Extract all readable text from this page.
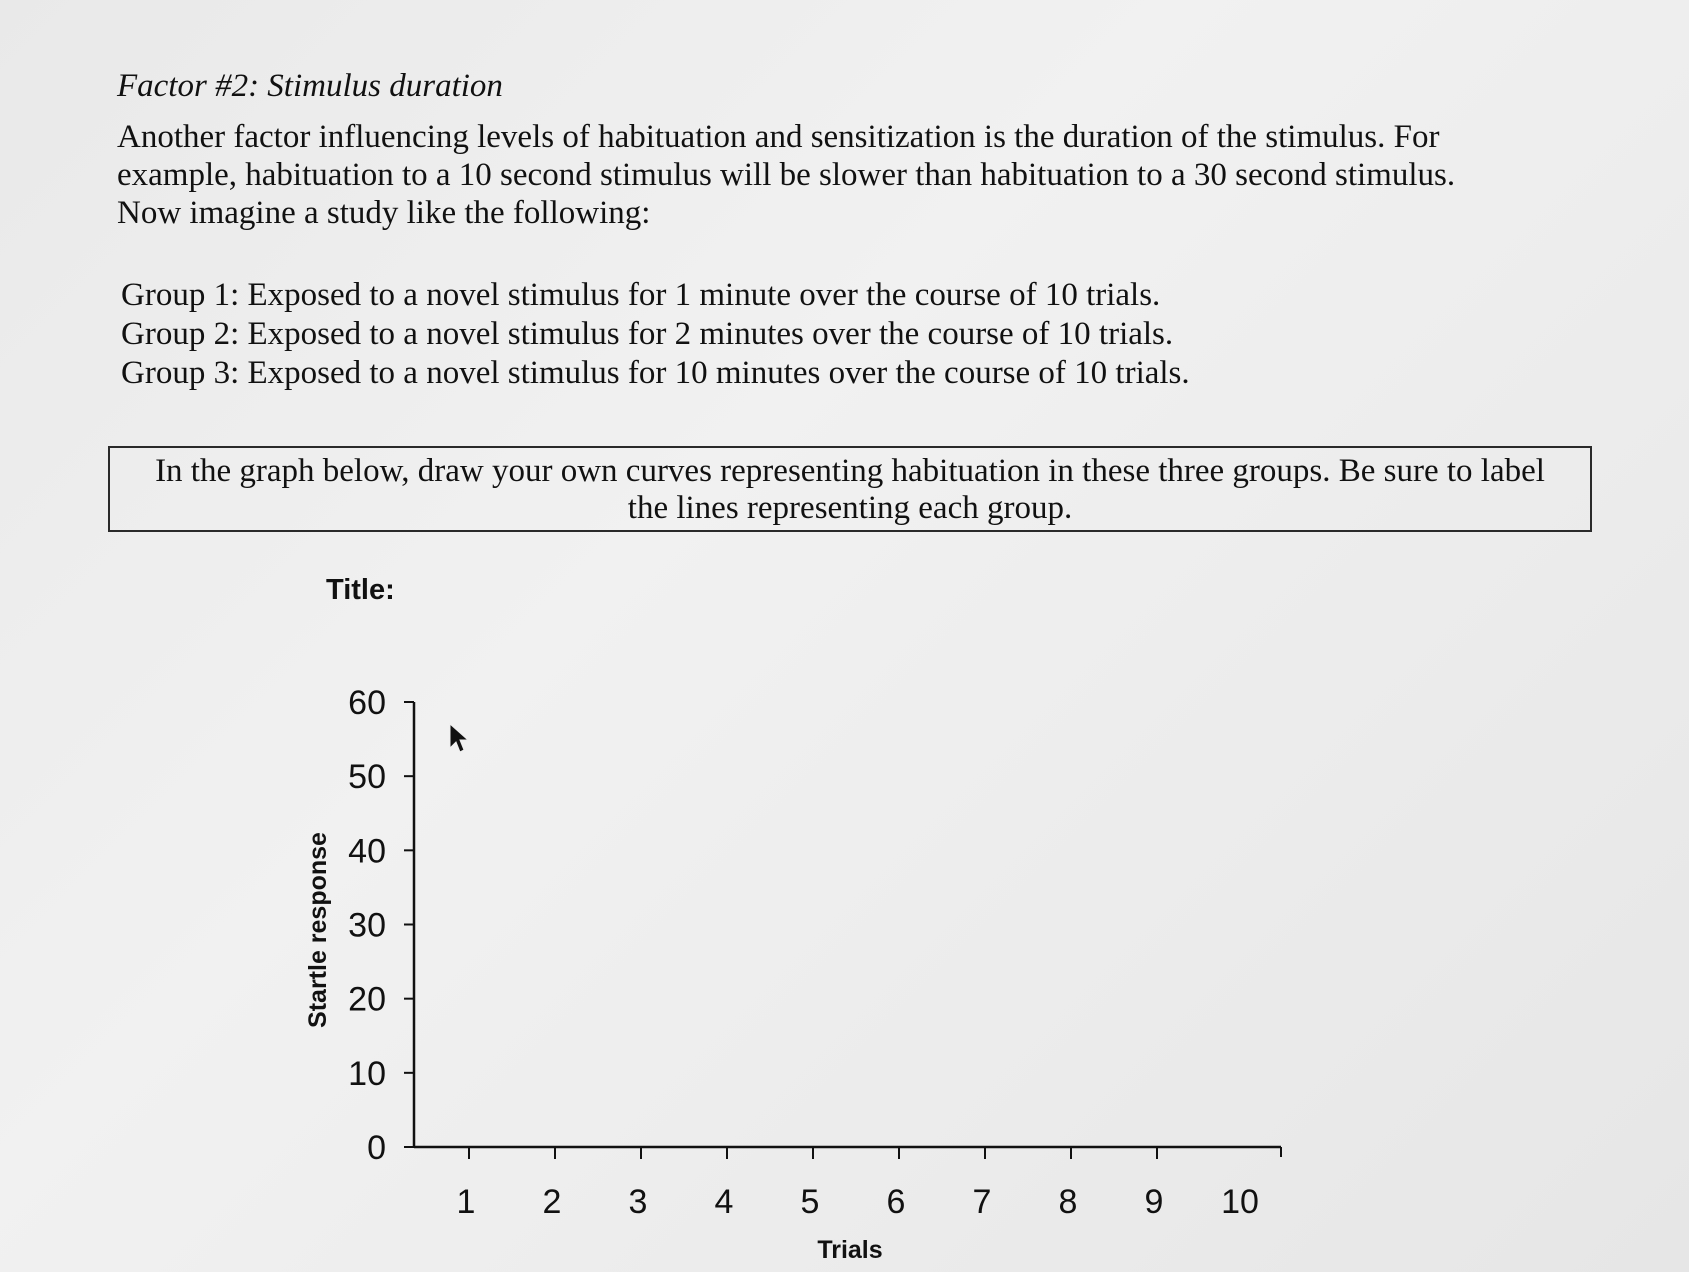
Factor #2: Stimulus duration
Another factor influencing levels of habituation and sensitization is the duration of the stimulus. For
example, habituation to a 10 second stimulus will be slower than habituation to a 30 second stimulus.
Now imagine a study like the following:
Group 1: Exposed to a novel stimulus for 1 minute over the course of 10 trials.
Group 2: Exposed to a novel stimulus for 2 minutes over the course of 10 trials.
Group 3: Exposed to a novel stimulus for 10 minutes over the course of 10 trials.
In the graph below, draw your own curves representing habituation in these three groups. Be sure to label
the lines representing each group.
Title:
0
10
20
30
40
50
60
1 2 3 4 5 6 7 8 9 10
Trials
Startle response
